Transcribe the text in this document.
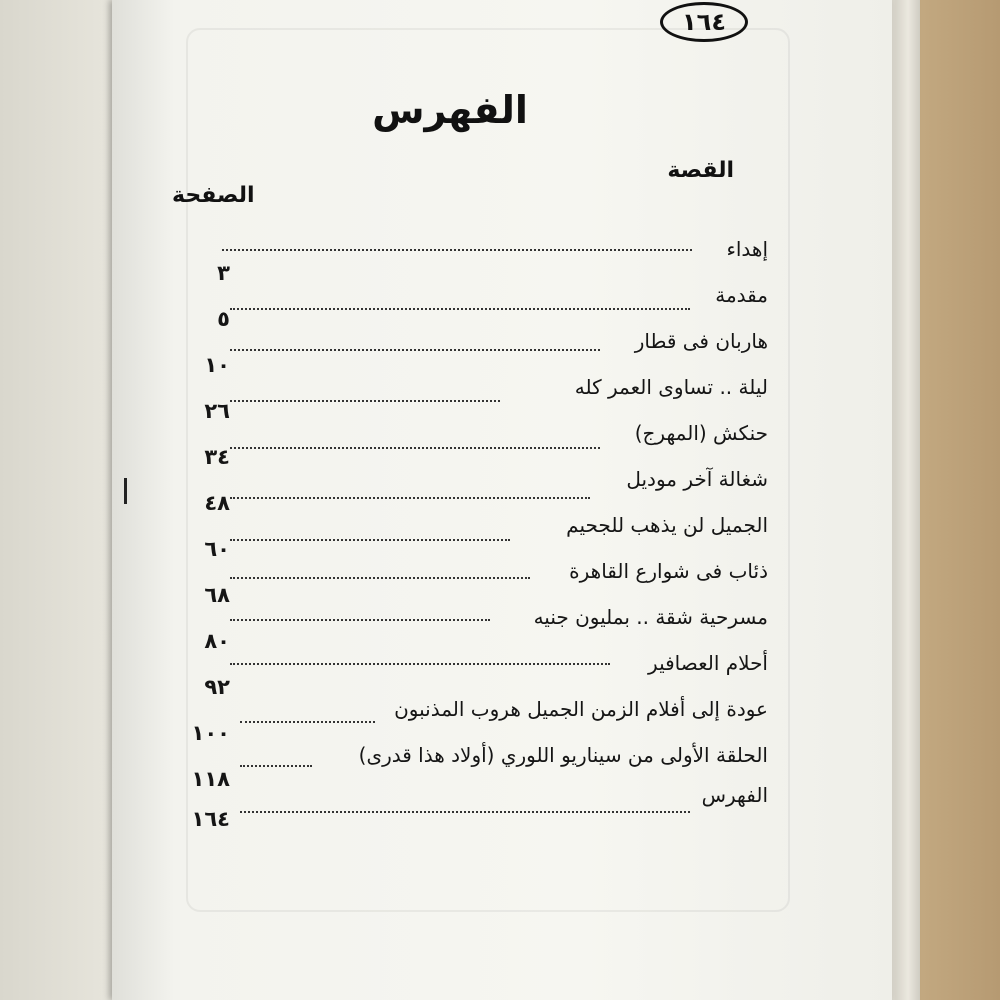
١٦٤
الفهرس
القصة
الصفحة
إهداء
٣
مقدمة
٥
هاربان فى قطار
١٠
ليلة .. تساوى العمر كله
٢٦
حنكش (المهرج)
٣٤
شغالة آخر موديل
٤٨
الجميل لن يذهب للجحيم
٦٠
ذئاب فى شوارع القاهرة
٦٨
مسرحية شقة .. بمليون جنيه
٨٠
أحلام العصافير
٩٢
عودة إلى أفلام الزمن الجميل هروب المذنبون
١٠٠
الحلقة الأولى من سيناريو اللوري (أولاد هذا قدرى)
١١٨
الفهرس
١٦٤
